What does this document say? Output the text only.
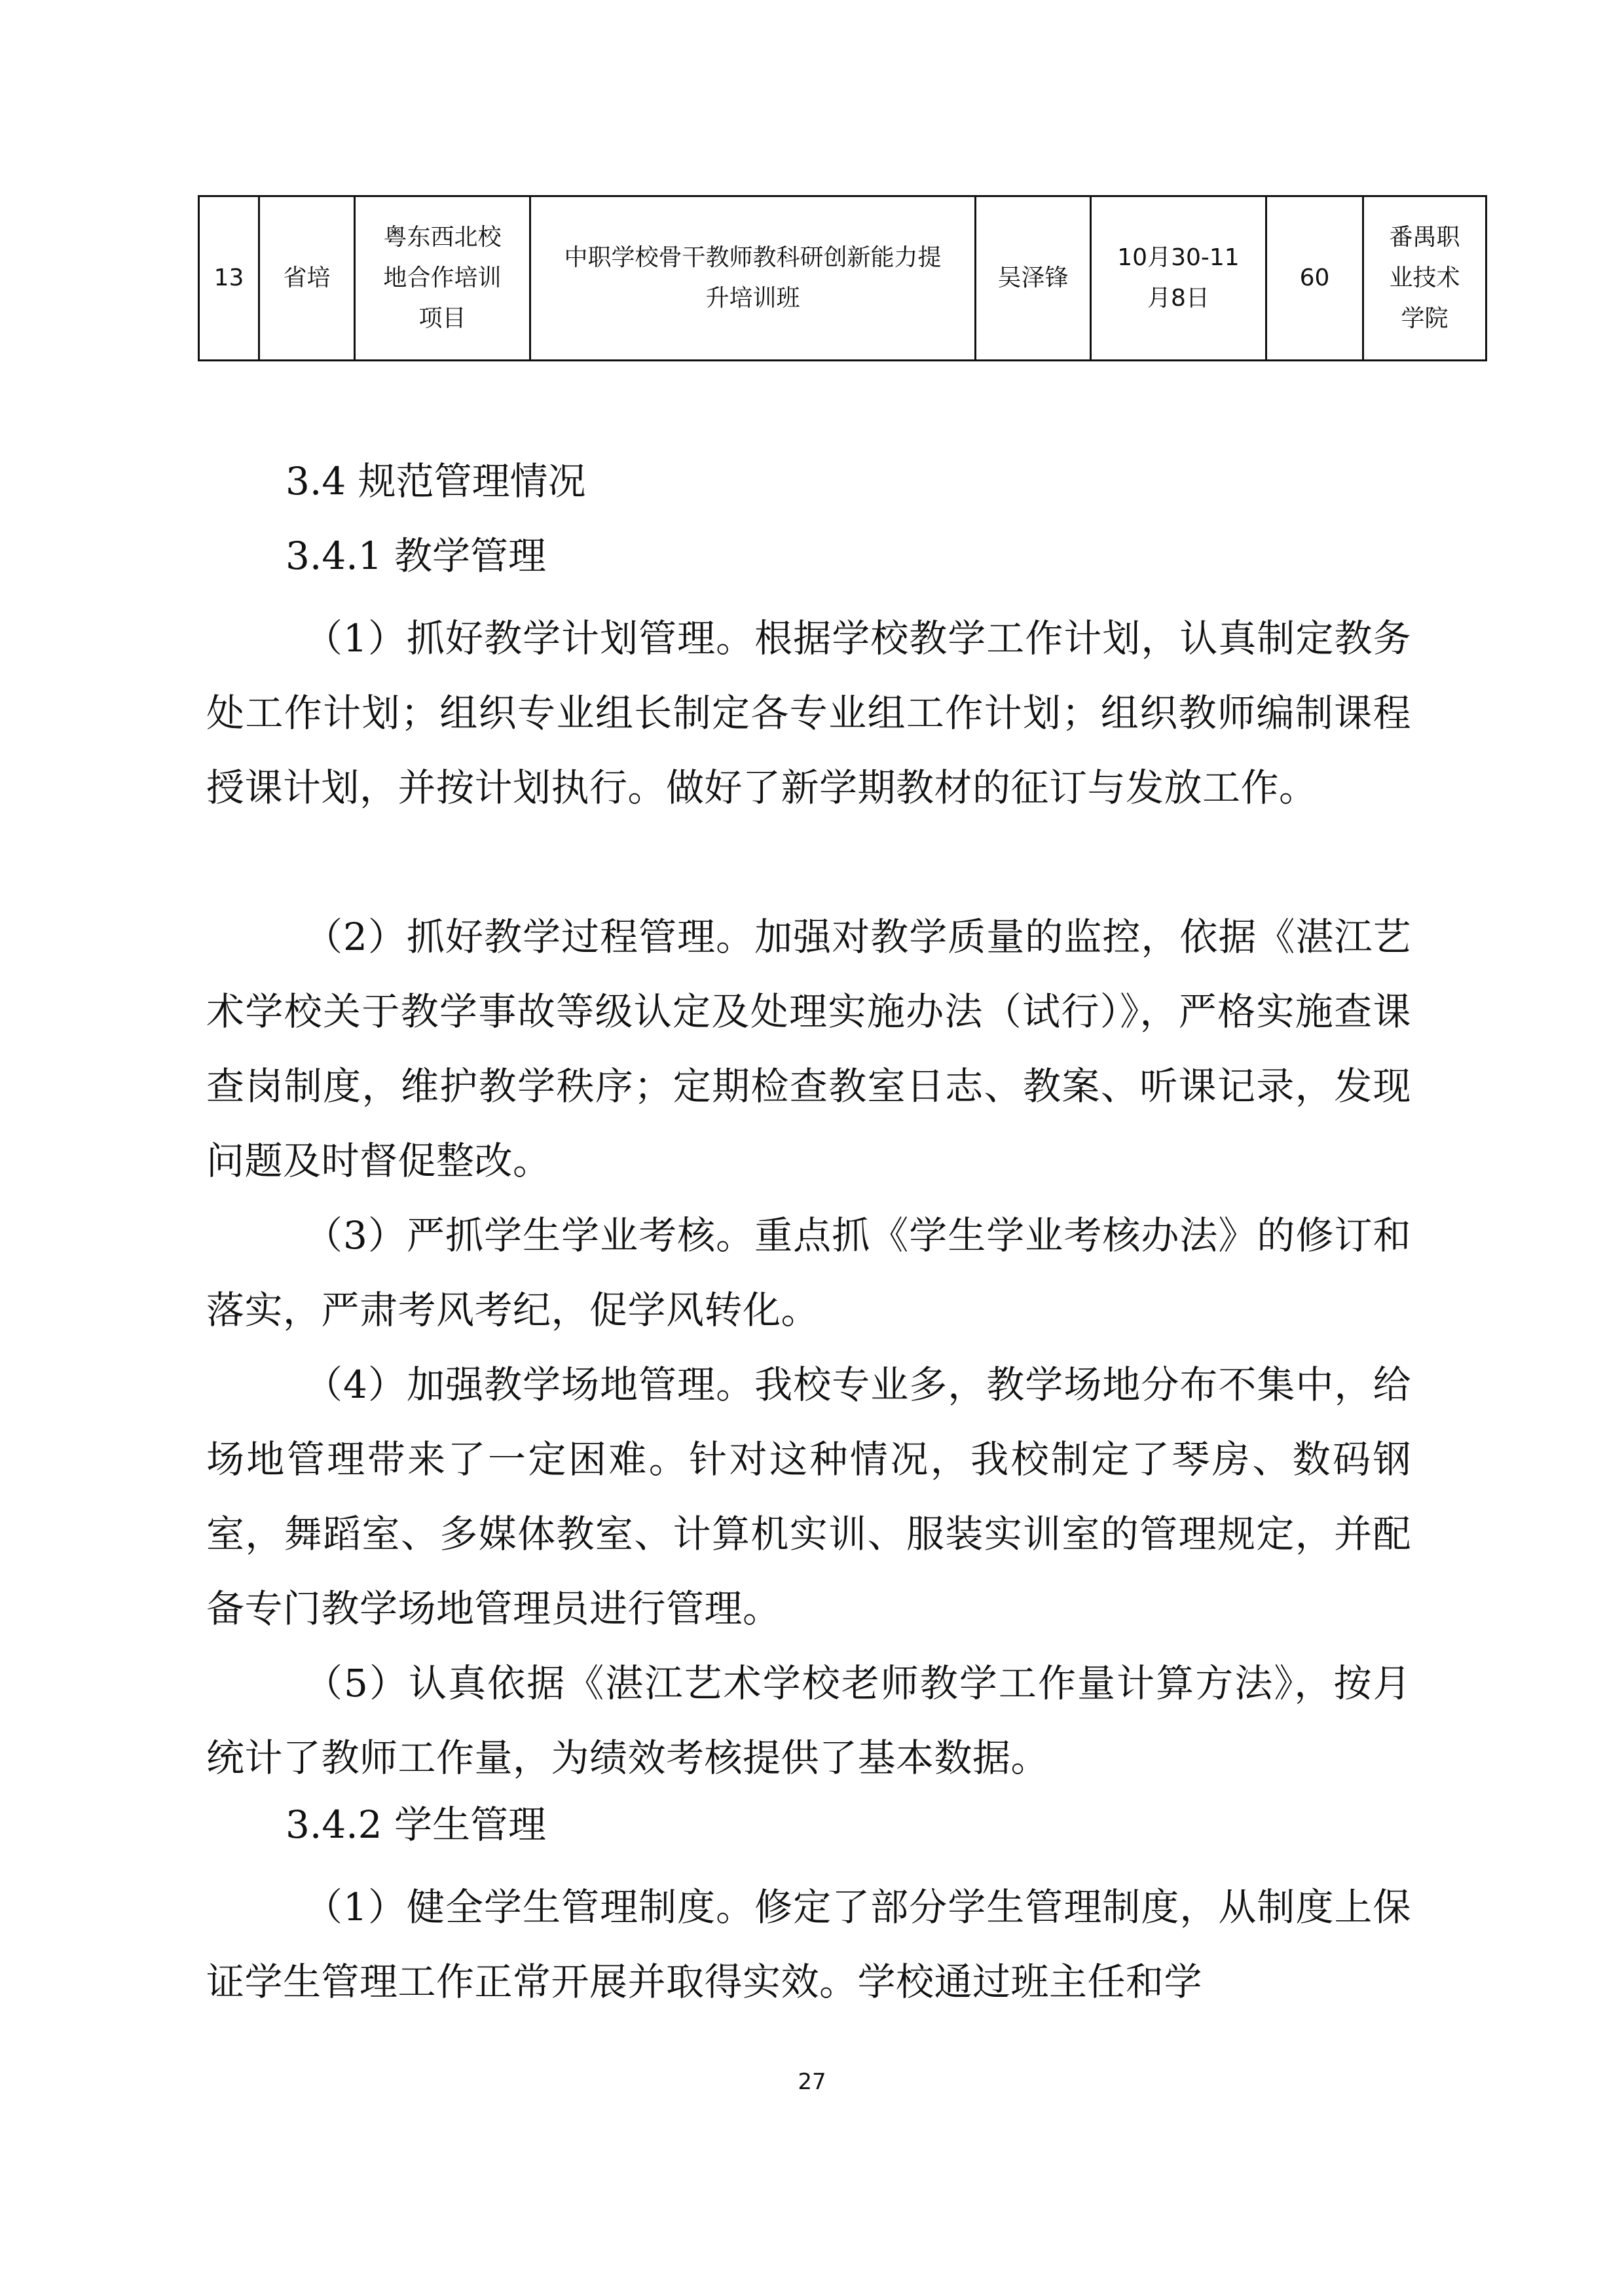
13	省培	粤东西北校地合作培训项目	中职学校骨干教师教科研创新能力提升培训班	吴泽锋	10月30-11月8日	60	番禺职业技术学院
3.4 规范管理情况
3.4.1 教学管理
（1）抓好教学计划管理。根据学校教学工作计划，认真制定教务处工作计划；组织专业组长制定各专业组工作计划；组织教师编制课程授课计划，并按计划执行。做好了新学期教材的征订与发放工作。
（2）抓好教学过程管理。加强对教学质量的监控，依据《湛江艺术学校关于教学事故等级认定及处理实施办法（试行）》，严格实施查课查岗制度，维护教学秩序；定期检查教室日志、教案、听课记录，发现问题及时督促整改。
（3）严抓学生学业考核。重点抓《学生学业考核办法》的修订和落实，严肃考风考纪，促学风转化。
（4）加强教学场地管理。我校专业多，教学场地分布不集中，给场地管理带来了一定困难。针对这种情况，我校制定了琴房、数码钢室，舞蹈室、多媒体教室、计算机实训、服装实训室的管理规定，并配备专门教学场地管理员进行管理。
（5）认真依据《湛江艺术学校老师教学工作量计算方法》，按月统计了教师工作量，为绩效考核提供了基本数据。
3.4.2 学生管理
（1）健全学生管理制度。修定了部分学生管理制度，从制度上保证学生管理工作正常开展并取得实效。学校通过班主任和学
27
